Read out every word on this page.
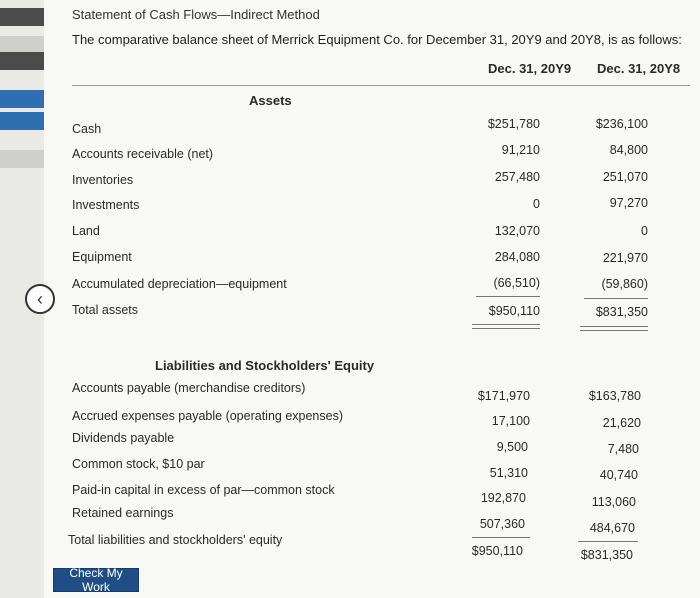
‹
Statement of Cash Flows—Indirect Method
The comparative balance sheet of Merrick Equipment Co. for December 31, 20Y9 and 20Y8, is as follows:
Dec. 31, 20Y9 Dec. 31, 20Y8
Assets
Cash	$251,780	$236,100
Accounts receivable (net)	91,210	84,800
Inventories	257,480	251,070
Investments	0	97,270
Land	132,070	0
Equipment	284,080	221,970
Accumulated depreciation—equipment	(66,510)	(59,860)
Total assets	$950,110	$831,350
Liabilities and Stockholders' Equity
Accounts payable (merchandise creditors)
$171,970	$163,780
Accrued expenses payable (operating expenses)	17,100	21,620
Dividends payable
9,500	7,480
Common stock, $10 par
51,310	40,740
Paid-in capital in excess of par—common stock
192,870	113,060
Retained earnings
507,360	484,670
Total liabilities and stockholders' equity
$950,110	$831,350
Check My Work
